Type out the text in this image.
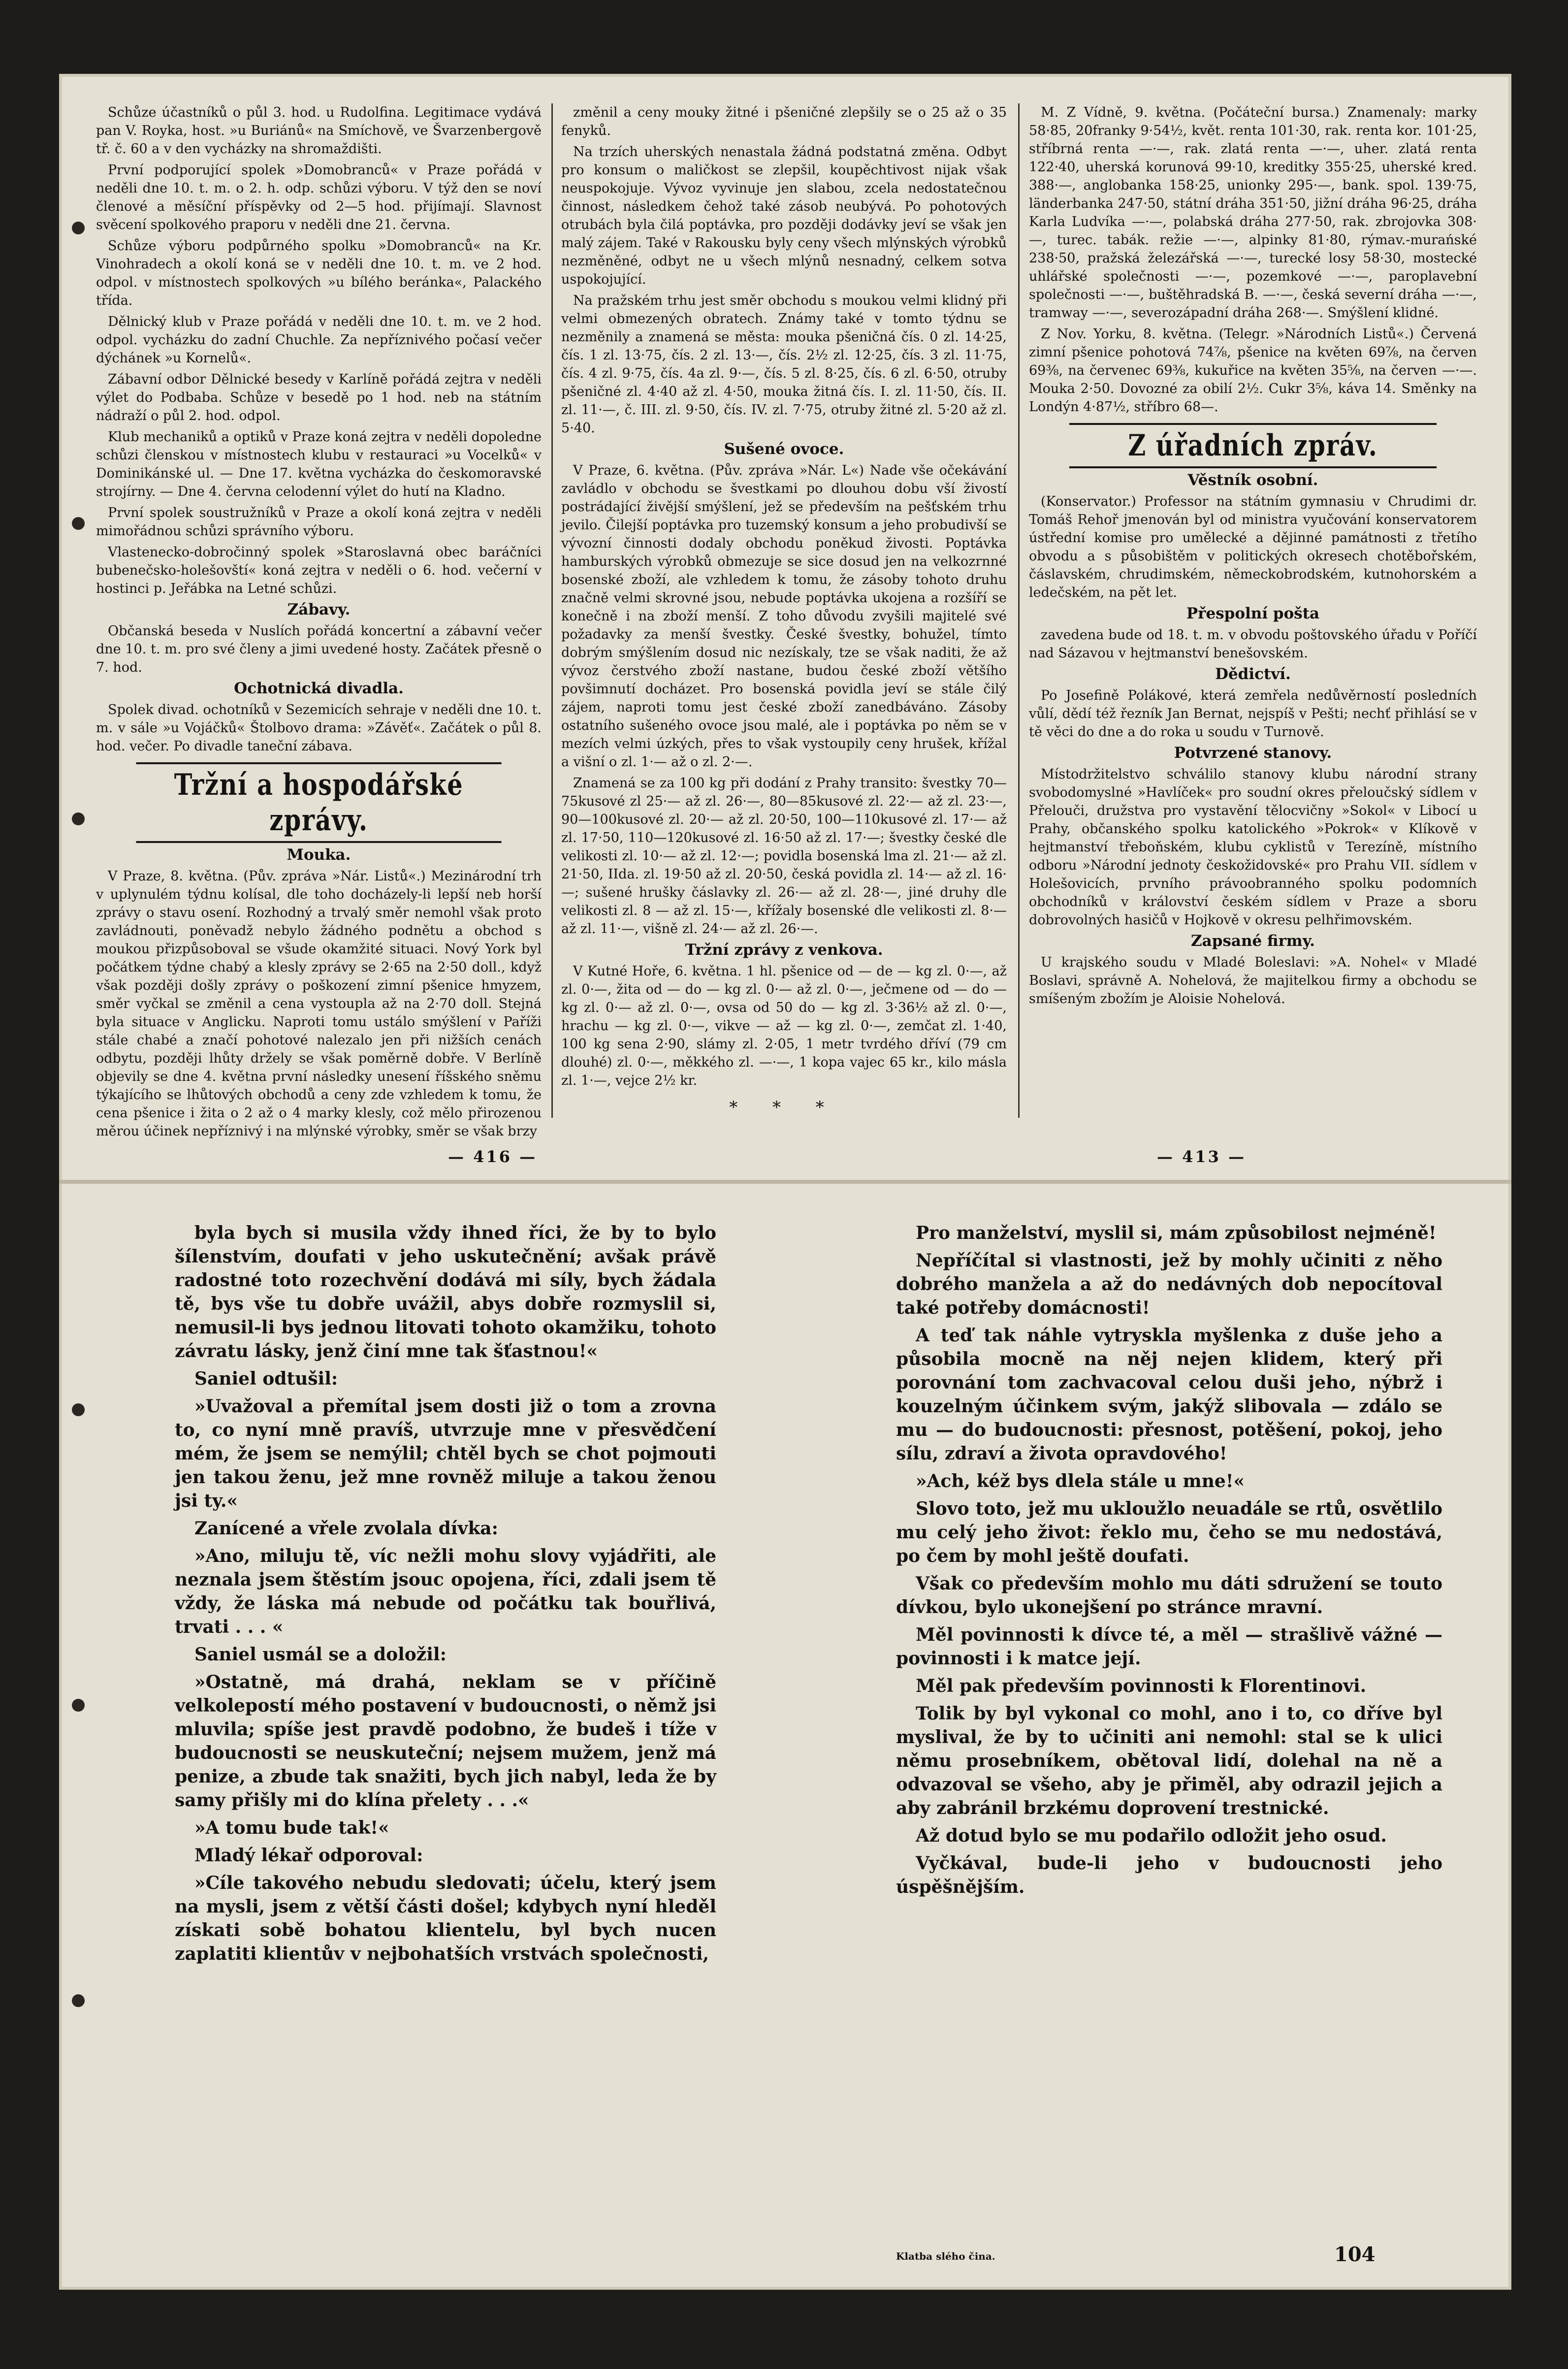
Schůze účastníků o půl 3. hod. u Rudolfina. Legitimace vydává pan V. Royka, host. »u Buriánů« na Smíchově, ve Švarzenbergově tř. č. 60 a v den vycházky na shromaždišti.

První podporující spolek »Domobranců« v Praze pořádá v neděli dne 10. t. m. o 2. h. odp. schůzi výboru. V týž den se noví členové a měsíční příspěvky od 2—5 hod. přijímají. Slavnost svěcení spolkového praporu v neděli dne 21. června.

Schůze výboru podpůrného spolku »Domobranců« na Kr. Vinohradech a okolí koná se v neděli dne 10. t. m. ve 2 hod. odpol. v místnostech spolkových »u bílého beránka«, Palackého třída.

Dělnický klub v Praze pořádá v neděli dne 10. t. m. ve 2 hod. odpol. vycházku do zadní Chuchle. Za nepříznivého počasí večer dýchánek »u Kornelů«.

Zábavní odbor Dělnické besedy v Karlíně pořádá zejtra v neděli výlet do Podbaba. Schůze v besedě po 1 hod. neb na státním nádraží o půl 2. hod. odpol.

Klub mechaniků a optiků v Praze koná zejtra v neděli dopoledne schůzi členskou v místnostech klubu v restauraci »u Vocelků« v Dominikánské ul. — Dne 17. května vycházka do českomoravské strojírny. — Dne 4. června celodenní výlet do hutí na Kladno.

První spolek soustružníků v Praze a okolí koná zejtra v neděli mimořádnou schůzi správního výboru.

Vlastenecko-dobročinný spolek »Staroslavná obec baráčníci bubenečsko-holešovští« koná zejtra v neděli o 6. hod. večerní v hostinci p. Jeřábka na Letné schůzi.

Zábavy.

Občanská beseda v Nuslích pořádá koncertní a zábavní večer dne 10. t. m. pro své členy a jimi uvedené hosty. Začátek přesně o 7. hod.

Ochotnická divadla.

Spolek divad. ochotníků v Sezemicích sehraje v neděli dne 10. t. m. v sále »u Vojáčků« Štolbovo drama: »Závěť«. Začátek o půl 8. hod. večer. Po divadle taneční zábava.

Tržní a hospodářské zprávy.

Mouka.

V Praze, 8. května. (Pův. zpráva »Nár. Listů«.) Mezinárodní trh v uplynulém týdnu kolísal, dle toho docházely-li lepší neb horší zprávy o stavu osení. Rozhodný a trvalý směr nemohl však proto zavládnouti, poněvadž nebylo žádného podnětu a obchod s moukou přizpůsoboval se všude okamžité situaci. Nový York byl počátkem týdne chabý a klesly zprávy se 2·65 na 2·50 doll., když však později došly zprávy o poškození zimní pšenice hmyzem, směr vyčkal se změnil a cena vystoupla až na 2·70 doll. Stejná byla situace v Anglicku. Naproti tomu ustálo smýšlení v Paříži stále chabé a značí pohotové nalezalo jen při nižších cenách odbytu, později lhůty držely se však poměrně dobře. V Berlíně objevily se dne 4. května první následky unesení říšského sněmu týkajícího se lhůtových obchodů a ceny zde vzhledem k tomu, že cena pšenice i žita o 2 až o 4 marky klesly, což mělo přirozenou měrou účinek nepříznivý i na mlýnské výrobky, směr se však brzy

změnil a ceny mouky žitné i pšeničné zlepšily se o 25 až o 35 fenyků.

Na trzích uherských nenastala žádná podstatná změna. Odbyt pro konsum o maličkost se zlepšil, koupěchtivost nijak však neuspokojuje. Vývoz vyvinuje jen slabou, zcela nedostatečnou činnost, následkem čehož také zásob neubývá. Po pohotových otrubách byla čilá poptávka, pro později dodávky jeví se však jen malý zájem. Také v Rakousku byly ceny všech mlýnských výrobků nezměněné, odbyt ne u všech mlýnů nesnadný, celkem sotva uspokojující.

Na pražském trhu jest směr obchodu s moukou velmi klidný při velmi obmezených obratech. Známy také v tomto týdnu se nezměnily a znamená se města: mouka pšeničná čís. 0 zl. 14·25, čís. 1 zl. 13·75, čís. 2 zl. 13·—, čís. 2½ zl. 12·25, čís. 3 zl. 11·75, čís. 4 zl. 9·75, čís. 4a zl. 9·—, čís. 5 zl. 8·25, čís. 6 zl. 6·50, otruby pšeničné zl. 4·40 až zl. 4·50, mouka žitná čís. I. zl. 11·50, čís. II. zl. 11·—, č. III. zl. 9·50, čís. IV. zl. 7·75, otruby žitné zl. 5·20 až zl. 5·40.

Sušené ovoce.

V Praze, 6. května. (Pův. zpráva »Nár. L«) Nade vše očekávání zavládlo v obchodu se švestkami po dlouhou dobu vší živostí postrádající živější smýšlení, jež se především na pešťském trhu jevilo. Čilejší poptávka pro tuzemský konsum a jeho probudivší se vývozní činnosti dodaly obchodu poněkud živosti. Poptávka hamburských výrobků obmezuje se sice dosud jen na velkozrnné bosenské zboží, ale vzhledem k tomu, že zásoby tohoto druhu značně velmi skrovné jsou, nebude poptávka ukojena a rozšíří se konečně i na zboží menší. Z toho důvodu zvyšili majitelé své požadavky za menší švestky. České švestky, bohužel, tímto dobrým smýšlením dosud nic nezískaly, tze se však naditi, že až vývoz čerstvého zboží nastane, budou české zboží většího povšimnutí docházet. Pro bosenská povidla jeví se stále čilý zájem, naproti tomu jest české zboží zanedbáváno. Zásoby ostatního sušeného ovoce jsou malé, ale i poptávka po něm se v mezích velmi úzkých, přes to však vystoupily ceny hrušek, křížal a višní o zl. 1·— až o zl. 2·—.

Znamená se za 100 kg při dodání z Prahy transito: švestky 70—75kusové zl 25·— až zl. 26·—, 80—85kusové zl. 22·— až zl. 23·—, 90—100kusové zl. 20·— až zl. 20·50, 100—110kusové zl. 17·— až zl. 17·50, 110—120kusové zl. 16·50 až zl. 17·—; švestky české dle velikosti zl. 10·— až zl. 12·—; povidla bosenská lma zl. 21·— až zl. 21·50, IIda. zl. 19·50 až zl. 20·50, česká povidla zl. 14·— až zl. 16·—; sušené hrušky čáslavky zl. 26·— až zl. 28·—, jiné druhy dle velikosti zl. 8 — až zl. 15·—, křížaly bosenské dle velikosti zl. 8·— až zl. 11·—, višně zl. 24·— až zl. 26·—.

Tržní zprávy z venkova.

V Kutné Hoře, 6. května. 1 hl. pšenice od — de — kg zl. 0·—, až zl. 0·—, žita od — do — kg zl. 0·— až zl. 0·—, ječmene od — do — kg zl. 0·— až zl. 0·—, ovsa od 50 do — kg zl. 3·36½ až zl. 0·—, hrachu — kg zl. 0·—, vikve — až — kg zl. 0·—, zemčat zl. 1·40, 100 kg sena 2·90, slámy zl. 2·05, 1 metr tvrdého dříví (79 cm dlouhé) zl. 0·—, měkkého zl. —·—, 1 kopa vajec 65 kr., kilo másla zl. 1·—, vejce 2½ kr.

* * *

M. Z Vídně, 9. května. (Počáteční bursa.) Znamenaly: marky 58·85, 20franky 9·54½, květ. renta 101·30, rak. renta kor. 101·25, stříbrná renta —·—, rak. zlatá renta —·—, uher. zlatá renta 122·40, uherská korunová 99·10, kreditky 355·25, uherské kred. 388·—, anglobanka 158·25, unionky 295·—, bank. spol. 139·75, länderbanka 247·50, státní dráha 351·50, jižní dráha 96·25, dráha Karla Ludvíka —·—, polabská dráha 277·50, rak. zbrojovka 308·—, turec. tabák. režie —·—, alpinky 81·80, rýmav.-murańské 238·50, pražská železářská —·—, turecké losy 58·30, mostecké uhlářské společnosti —·—, pozemkové —·—, paroplavební společnosti —·—, buštěhradská B. —·—, česká severní dráha —·—, tramway —·—, severozápadní dráha 268·—. Smýšlení klidné.

Z Nov. Yorku, 8. května. (Telegr. »Národních Listů«.) Červená zimní pšenice pohotová 74⅞, pšenice na květen 69⅞, na červen 69⅜, na červenec 69⅜, kukuřice na květen 35⅝, na červen —·—. Mouka 2·50. Dovozné za obilí 2½. Cukr 3⅝, káva 14. Směnky na Londýn 4·87½, stříbro 68—.

Z úřadních zpráv.

Věstník osobní.

(Konservator.) Professor na státním gymnasiu v Chrudimi dr. Tomáš Rehoř jmenován byl od ministra vyučování konservatorem ústřední komise pro umělecké a dějinné památnosti z třetího obvodu a s působištěm v politických okresech chotěbořském, čáslavském, chrudimském, německobrodském, kutnohorském a ledečském, na pět let.

Přespolní pošta

zavedena bude od 18. t. m. v obvodu poštovského úřadu v Poříčí nad Sázavou v hejtmanství benešovském.

Dědictví.

Po Josefině Polákové, která zemřela nedůvěrností posledních vůlí, dědí též řezník Jan Bernat, nejspíš v Pešti; nechť přihlásí se v tě věci do dne a do roka u soudu v Turnově.

Potvrzené stanovy.

Místodržitelstvo schválilo stanovy klubu národní strany svobodomyslné »Havlíček« pro soudní okres přeloučský sídlem v Přelouči, družstva pro vystavění tělocvičny »Sokol« v Libocí u Prahy, občanského spolku katolického »Pokrok« v Klíkově v hejtmanství třeboňském, klubu cyklistů v Terezíně, místního odboru »Národní jednoty českožidovské« pro Prahu VII. sídlem v Holešovicích, prvního právoobranného spolku podomních obchodníků v království českém sídlem v Praze a sboru dobrovolných hasičů v Hojkově v okresu pelhřimovském.

Zapsané firmy.

U krajského soudu v Mladé Boleslavi: »A. Nohel« v Mladé Boslavi, správně A. Nohelová, že majitelkou firmy a obchodu se smíšeným zbožím je Aloisie Nohelová.

— 416 —	— 413 —

byla bych si musila vždy ihned říci, že by to bylo šílenstvím, doufati v jeho uskutečnění; avšak právě radostné toto rozechvění dodává mi síly, bych žádala tě, bys vše tu dobře uvážil, abys dobře rozmyslil si, nemusil-li bys jednou litovati tohoto okamžiku, tohoto závratu lásky, jenž činí mne tak šťastnou!«

Saniel odtušil:

»Uvažoval a přemítal jsem dosti již o tom a zrovna to, co nyní mně pravíš, utvrzuje mne v přesvědčení mém, že jsem se nemýlil; chtěl bych se chot pojmouti jen takou ženu, jež mne rovněž miluje a takou ženou jsi ty.«

Zanícené a vřele zvolala dívka:

»Ano, miluju tě, víc nežli mohu slovy vyjádřiti, ale neznala jsem štěstím jsouc opojena, říci, zdali jsem tě vždy, že láska má nebude od počátku tak bouřlivá, trvati . . . «

Saniel usmál se a doložil:

»Ostatně, má drahá, neklam se v příčině velkolepostí mého postavení v budoucnosti, o němž jsi mluvila; spíše jest pravdě podobno, že budeš i tíže v budoucnosti se neuskuteční; nejsem mužem, jenž má penize, a zbude tak snažiti, bych jich nabyl, leda že by samy přišly mi do klína přelety . . .«

»A tomu bude tak!«

Mladý lékař odporoval:

»Cíle takového nebudu sledovati; účelu, který jsem na mysli, jsem z větší části došel; kdybych nyní hleděl získati sobě bohatou klientelu, byl bych nucen zaplatiti klientův v nejbohatších vrstvách společnosti,

Pro manželství, myslil si, mám způsobilost nejméně!

Nepříčítal si vlastnosti, jež by mohly učiniti z něho dobrého manžela a až do nedávných dob nepocítoval také potřeby domácnosti!

A teď tak náhle vytryskla myšlenka z duše jeho a působila mocně na něj nejen klidem, který při porovnání tom zachvacoval celou duši jeho, nýbrž i kouzelným účinkem svým, jakýž slibovala — zdálo se mu — do budoucnosti: přesnost, potěšení, pokoj, jeho sílu, zdraví a života opravdového!

»Ach, kéž bys dlela stále u mne!«

Slovo toto, jež mu ukloužlo neuadále se rtů, osvětlilo mu celý jeho život: řeklo mu, čeho se mu nedostává, po čem by mohl ještě doufati.

Však co především mohlo mu dáti sdružení se touto dívkou, bylo ukonejšení po stránce mravní.

Měl povinnosti k dívce té, a měl — strašlivě vážné — povinnosti i k matce její.

Měl pak především povinnosti k Florentinovi.

Tolik by byl vykonal co mohl, ano i to, co dříve byl myslival, že by to učiniti ani nemohl: stal se k ulici němu prosebníkem, obětoval lidí, dolehal na ně a odvazoval se všeho, aby je přiměl, aby odrazil jejich a aby zabránil brzkému doprovení trestnické.

Až dotud bylo se mu podařilo odložit jeho osud.

Vyčkával, bude-li jeho v budoucnosti jeho úspěšnějším.

Klatba slého čina.	104
